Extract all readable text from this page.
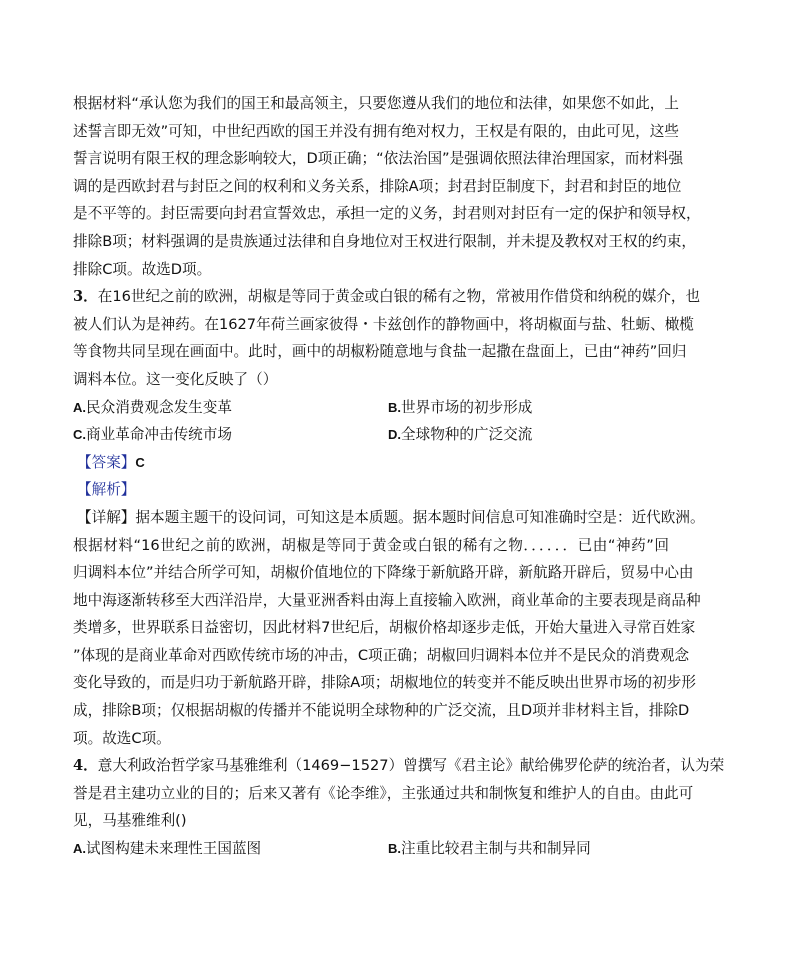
根据材料“承认您为我们的国王和最高领主，只要您遵从我们的地位和法律，如果您不如此，上
述誓言即无效”可知，中世纪西欧的国王并没有拥有绝对权力，王权是有限的，由此可见，这些
誓言说明有限王权的理念影响较大，D项正确；“依法治国”是强调依照法律治理国家，而材料强
调的是西欧封君与封臣之间的权利和义务关系，排除A项；封君封臣制度下，封君和封臣的地位
是不平等的。封臣需要向封君宣誓效忠，承担一定的义务，封君则对封臣有一定的保护和领导权，
排除B项；材料强调的是贵族通过法律和自身地位对王权进行限制，并未提及教权对王权的约束，
排除C项。故选D项。
3．在16世纪之前的欧洲，胡椒是等同于黄金或白银的稀有之物，常被用作借贷和纳税的媒介，也
被人们认为是神药。在1627年荷兰画家彼得・卡兹创作的静物画中，将胡椒面与盐、牡蛎、橄榄
等食物共同呈现在画面中。此时，画中的胡椒粉随意地与食盐一起撒在盘面上，已由“神药”回归
调料本位。这一变化反映了（）
A.民众消费观念发生变革	B.世界市场的初步形成
C.商业革命冲击传统市场	D.全球物种的广泛交流
【答案】C
【解析】
【详解】据本题主题干的设问词，可知这是本质题。据本题时间信息可知准确时空是：近代欧洲。
根据材料“16世纪之前的欧洲，胡椒是等同于黄金或白银的稀有之物．．．．．．已由“神药”回
归调料本位”并结合所学可知，胡椒价值地位的下降缘于新航路开辟，新航路开辟后，贸易中心由
地中海逐渐转移至大西洋沿岸，大量亚洲香料由海上直接输入欧洲，商业革命的主要表现是商品种
类增多，世界联系日益密切，因此材料7世纪后，胡椒价格却逐步走低，开始大量进入寻常百姓家
”体现的是商业革命对西欧传统市场的冲击，C项正确；胡椒回归调料本位并不是民众的消费观念
变化导致的，而是归功于新航路开辟，排除A项；胡椒地位的转变并不能反映出世界市场的初步形
成，排除B项；仅根据胡椒的传播并不能说明全球物种的广泛交流，且D项并非材料主旨，排除D
项。故选C项。
4．意大利政治哲学家马基雅维利（1469−1527）曾撰写《君主论》献给佛罗伦萨的统治者，认为荣
誉是君主建功立业的目的；后来又著有《论李维》，主张通过共和制恢复和维护人的自由。由此可
见，马基雅维利()
A.试图构建未来理性王国蓝图	B.注重比较君主制与共和制异同
